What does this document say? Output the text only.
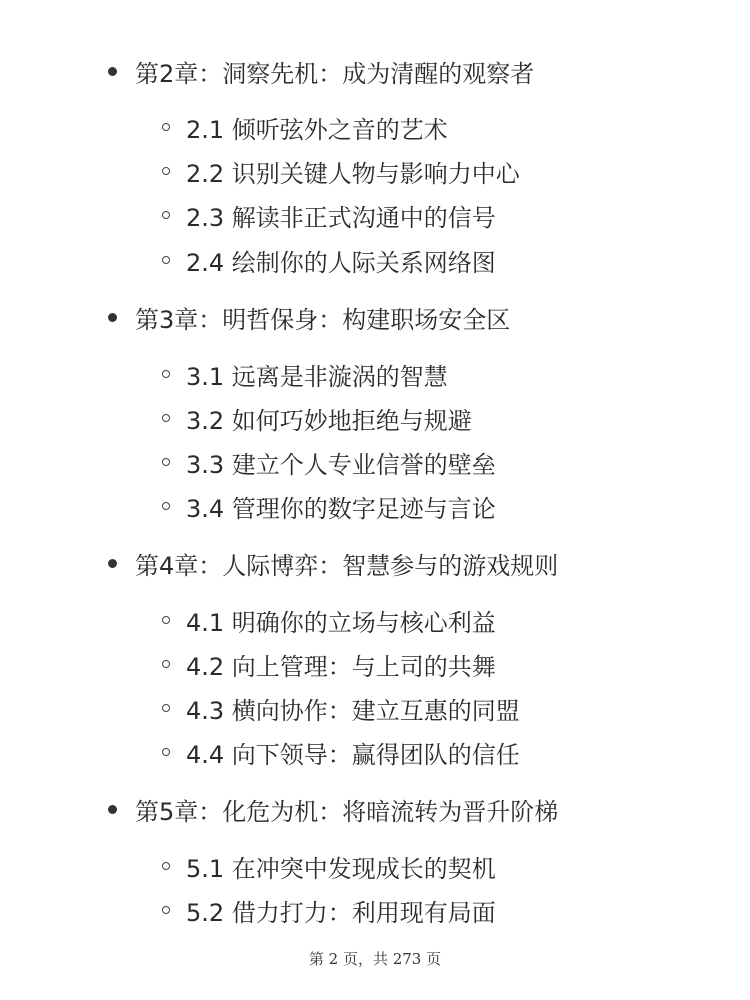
第2章：洞察先机：成为清醒的观察者
2.1 倾听弦外之音的艺术
2.2 识别关键人物与影响力中心
2.3 解读非正式沟通中的信号
2.4 绘制你的人际关系网络图
第3章：明哲保身：构建职场安全区
3.1 远离是非漩涡的智慧
3.2 如何巧妙地拒绝与规避
3.3 建立个人专业信誉的壁垒
3.4 管理你的数字足迹与言论
第4章：人际博弈：智慧参与的游戏规则
4.1 明确你的立场与核心利益
4.2 向上管理：与上司的共舞
4.3 横向协作：建立互惠的同盟
4.4 向下领导：赢得团队的信任
第5章：化危为机：将暗流转为晋升阶梯
5.1 在冲突中发现成长的契机
5.2 借力打力：利用现有局面
第 2 页，共 273 页
